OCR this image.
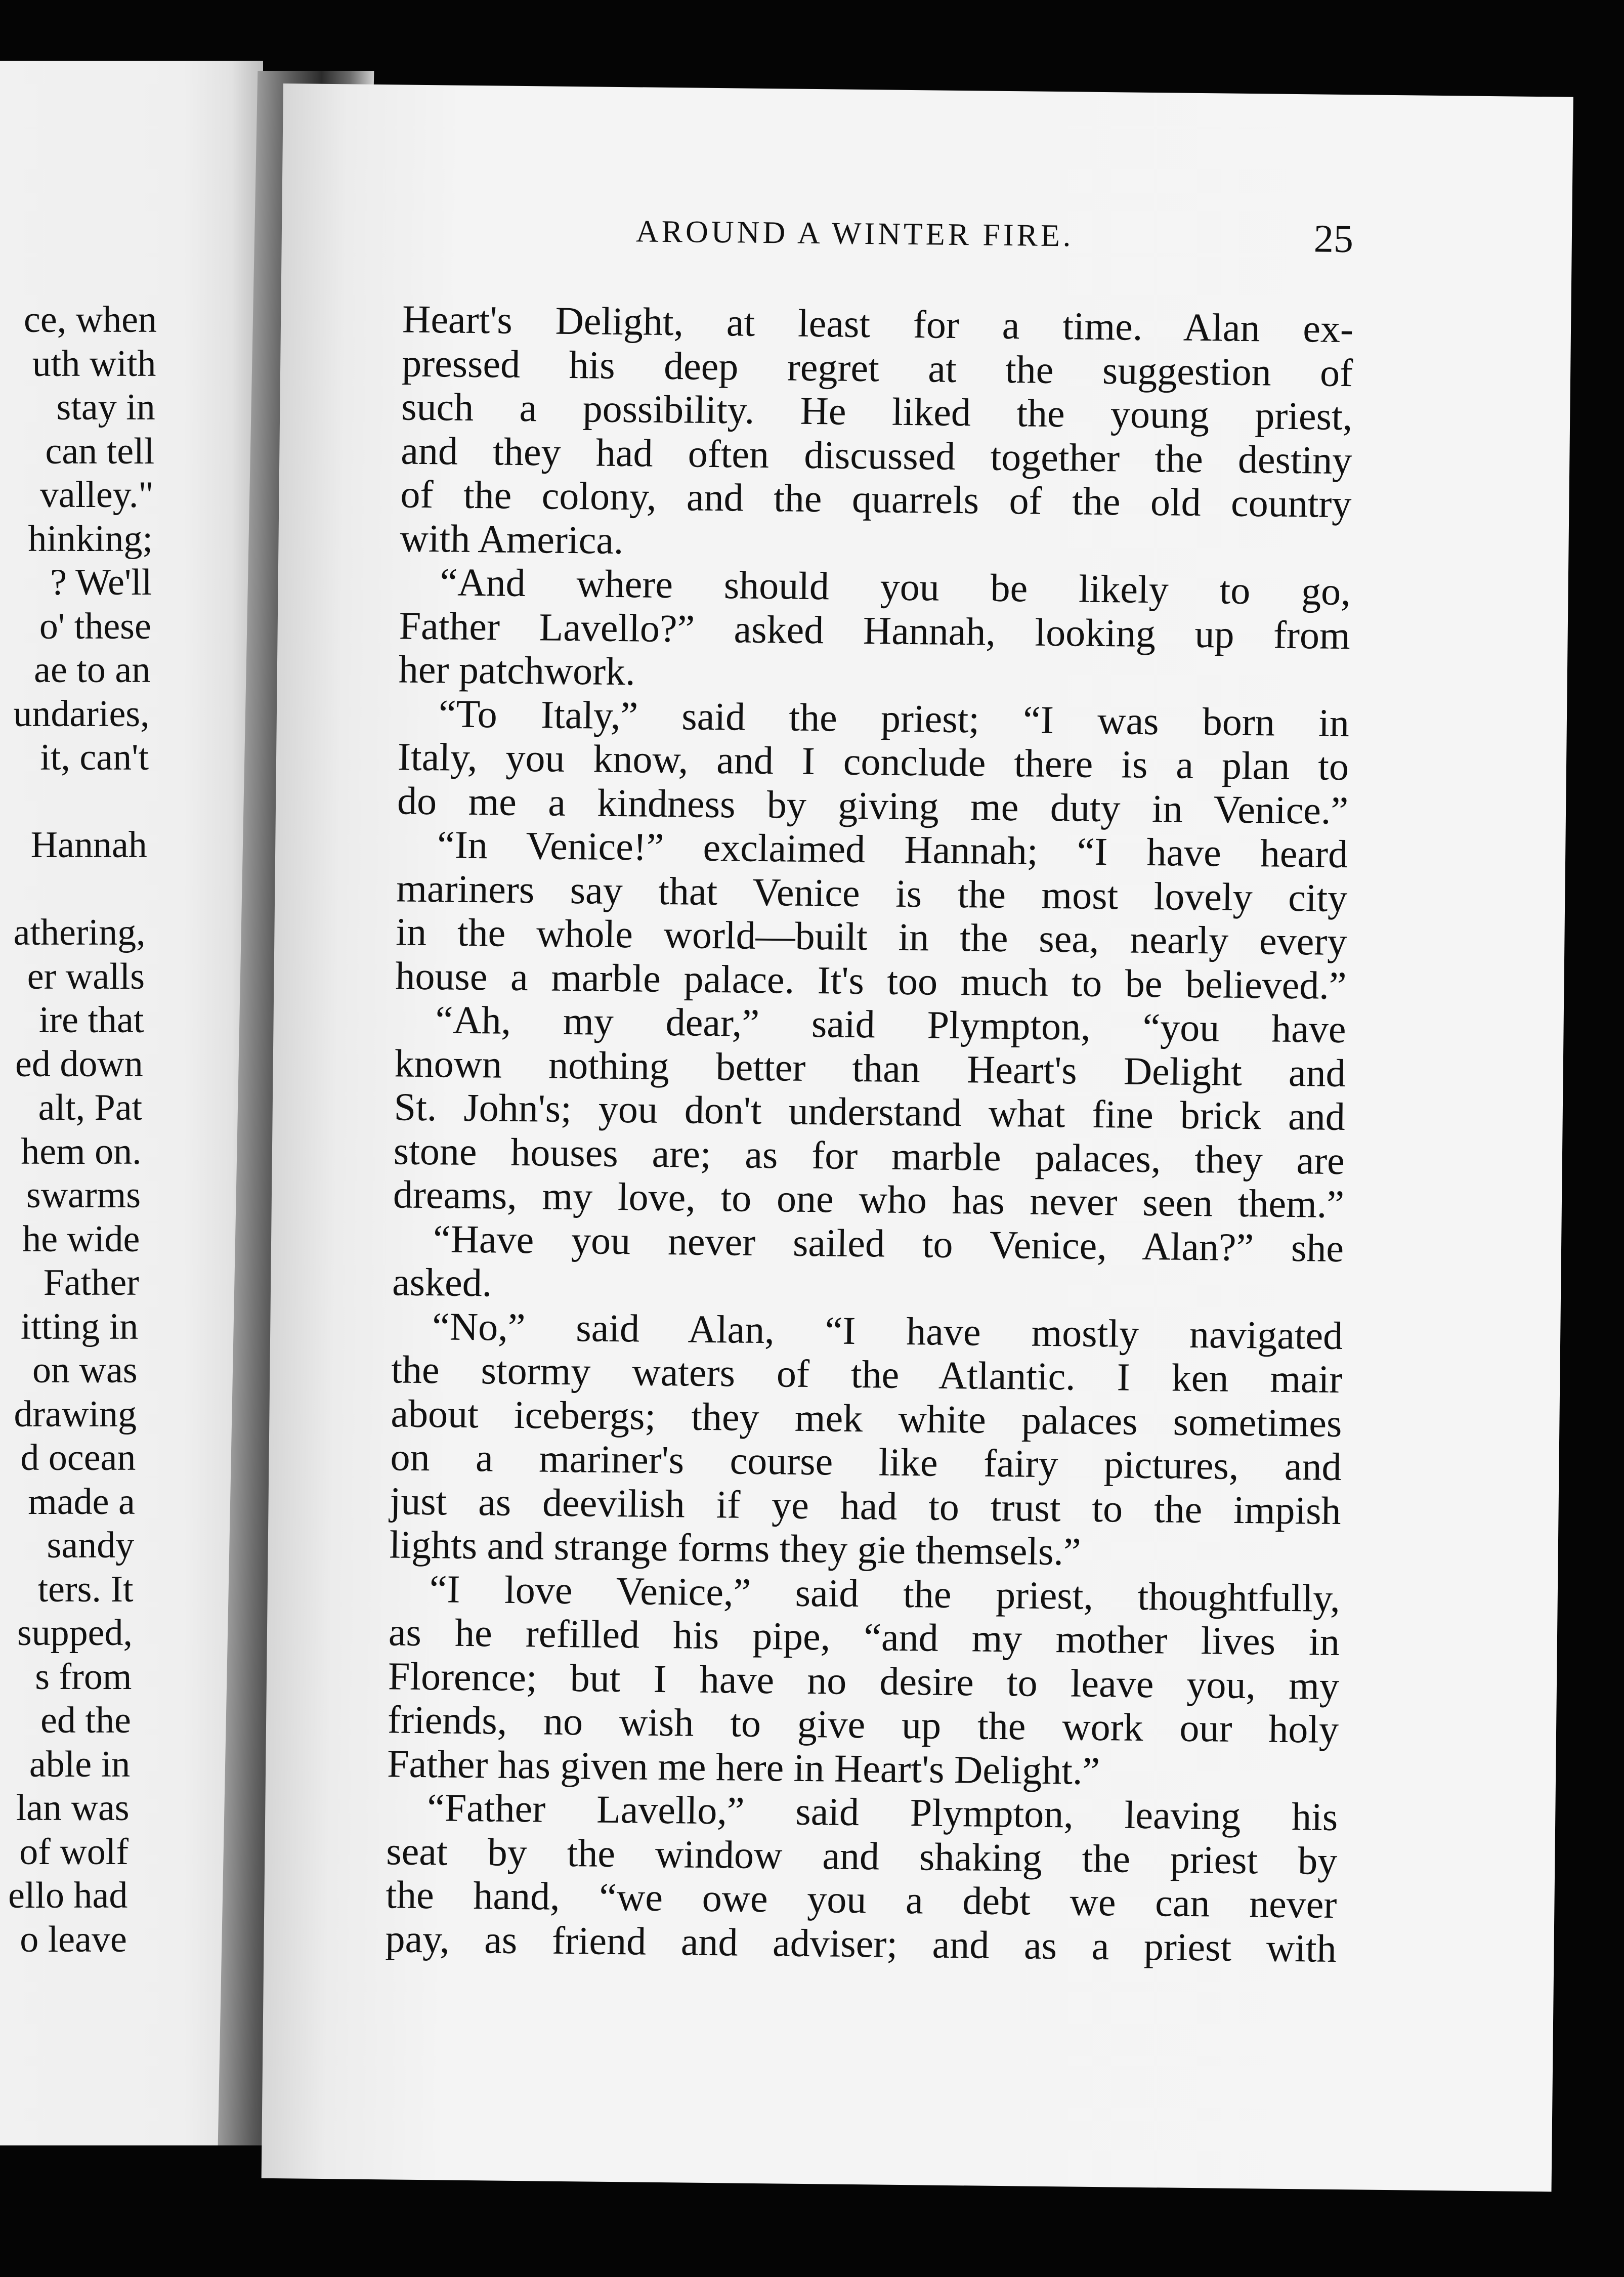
ce, when
uth with
stay in
can tell
valley."
hinking;
? We'll
o' these
ae to an
undaries,
it, can't
Hannah
athering,
er walls
ire that
ed down
alt, Pat
hem on.
swarms
he wide
Father
itting in
on was
drawing
d ocean
made a
sandy
ters. It
supped,
s from
ed the
able in
lan was
of wolf
ello had
o leave
AROUND A WINTER FIRE.	25
Heart's Delight, at least for a time. Alan ex-
pressed his deep regret at the suggestion of
such a possibility. He liked the young priest,
and they had often discussed together the destiny
of the colony, and the quarrels of the old country
with America.
“And where should you be likely to go,
Father Lavello?” asked Hannah, looking up from
her patchwork.
“To Italy,” said the priest; “I was born in
Italy, you know, and I conclude there is a plan to
do me a kindness by giving me duty in Venice.”
“In Venice!” exclaimed Hannah; “I have heard
mariners say that Venice is the most lovely city
in the whole world—built in the sea, nearly every
house a marble palace. It's too much to be believed.”
“Ah, my dear,” said Plympton, “you have
known nothing better than Heart's Delight and
St. John's; you don't understand what fine brick and
stone houses are; as for marble palaces, they are
dreams, my love, to one who has never seen them.”
“Have you never sailed to Venice, Alan?” she
asked.
“No,” said Alan, “I have mostly navigated
the stormy waters of the Atlantic. I ken mair
about icebergs; they mek white palaces sometimes
on a mariner's course like fairy pictures, and
just as deevilish if ye had to trust to the impish
lights and strange forms they gie themsels.”
“I love Venice,” said the priest, thoughtfully,
as he refilled his pipe, “and my mother lives in
Florence; but I have no desire to leave you, my
friends, no wish to give up the work our holy
Father has given me here in Heart's Delight.”
“Father Lavello,” said Plympton, leaving his
seat by the window and shaking the priest by
the hand, “we owe you a debt we can never
pay, as friend and adviser; and as a priest with
